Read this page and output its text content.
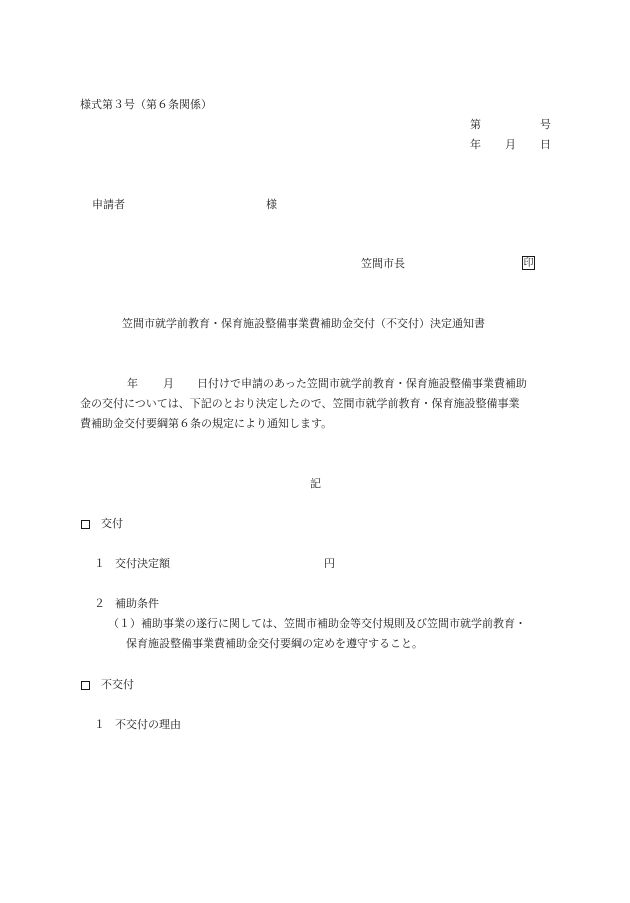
様式第３号（第６条関係）
第	号
年 月 日
申請者	様
笠間市長	印
笠間市就学前教育・保育施設整備事業費補助金交付（不交付）決定通知書
年 月 日付けで申請のあった笠間市就学前教育・保育施設整備事業費補助
金の交付については、下記のとおり決定したので、笠間市就学前教育・保育施設整備事業
費補助金交付要綱第６条の規定により通知します。
記
交付
１ 交付決定額	円
２ 補助条件
（１）補助事業の遂行に関しては、笠間市補助金等交付規則及び笠間市就学前教育・
保育施設整備事業費補助金交付要綱の定めを遵守すること。
不交付
１ 不交付の理由
